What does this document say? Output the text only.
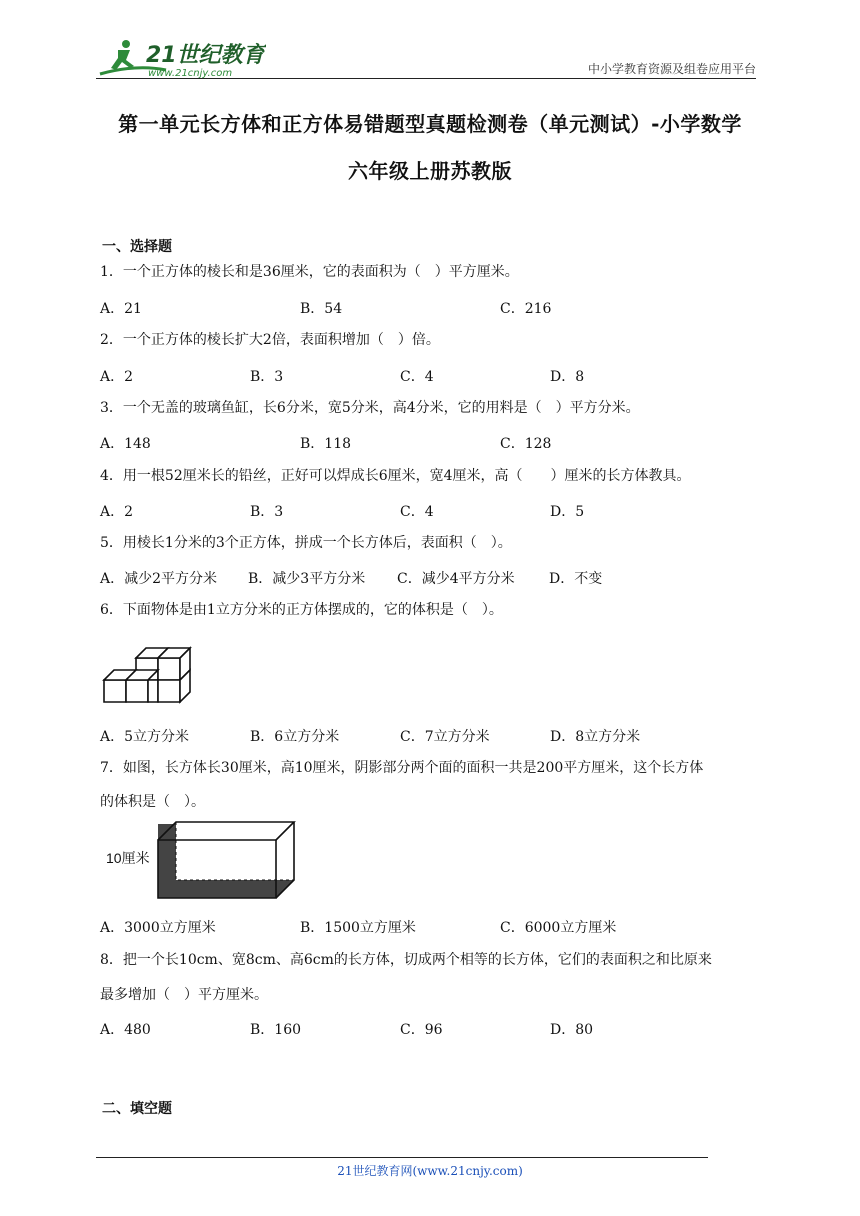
21世纪教育
www.21cnjy.com	中小学教育资源及组卷应用平台
第一单元长方体和正方体易错题型真题检测卷（单元测试）-小学数学
六年级上册苏教版
一、选择题
1．一个正方体的棱长和是36厘米，它的表面积为（　）平方厘米。
A．21	B．54	C．216
2．一个正方体的棱长扩大2倍，表面积增加（　）倍。
A．2	B．3	C．4	D．8
3．一个无盖的玻璃鱼缸，长6分米，宽5分米，高4分米，它的用料是（　）平方分米。
A．148	B．118	C．128
4．用一根52厘米长的铅丝，正好可以焊成长6厘米，宽4厘米，高（　　）厘米的长方体教具。
A．2	B．3	C．4	D．5
5．用棱长1分米的3个正方体，拼成一个长方体后，表面积（　）。
A．减少2平方分米 B．减少3平方分米 C．减少4平方分米 D．不变
6．下面物体是由1立方分米的正方体摆成的，它的体积是（　）。
A．5立方分米	B．6立方分米	C．7立方分米	D．8立方分米
7．如图，长方体长30厘米，高10厘米，阴影部分两个面的面积一共是200平方厘米，这个长方体
的体积是（　）。
10厘米
A．3000立方厘米	B．1500立方厘米	C．6000立方厘米
8．把一个长10cm、宽8cm、高6cm的长方体，切成两个相等的长方体，它们的表面积之和比原来
最多增加（　）平方厘米。
A．480	B．160	C．96	D．80
二、填空题
21世纪教育网(www.21cnjy.com)
